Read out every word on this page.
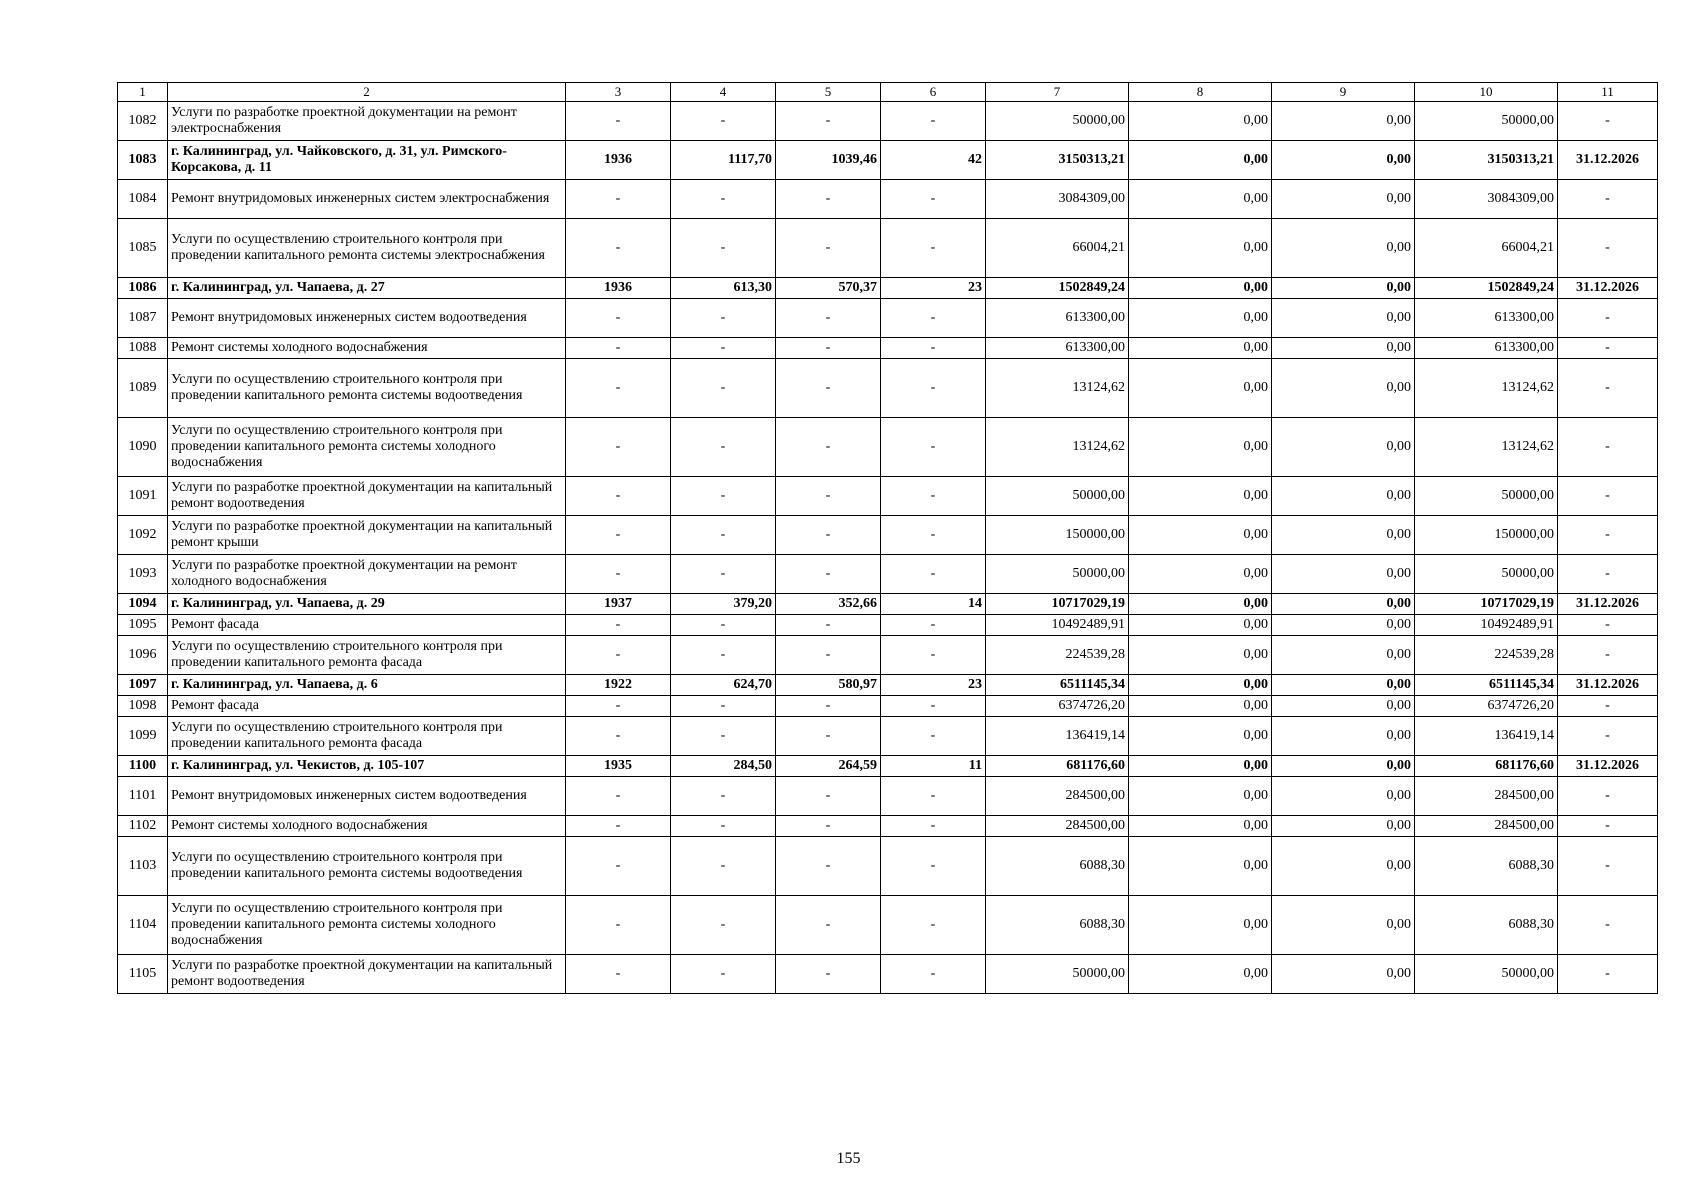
1	2	3	4	5	6	7	8	9	10	11
1082	Услуги по разработке проектной документации на ремонт электроснабжения	-	-	-	-	50000,00	0,00	0,00	50000,00	-
1083	г. Калининград, ул. Чайковского, д. 31, ул. Римского-Корсакова, д. 11	1936	1117,70	1039,46	42	3150313,21	0,00	0,00	3150313,21	31.12.2026
1084	Ремонт внутридомовых инженерных систем электроснабжения	-	-	-	-	3084309,00	0,00	0,00	3084309,00	-
1085	Услуги по осуществлению строительного контроля при проведении капитального ремонта системы электроснабжения	-	-	-	-	66004,21	0,00	0,00	66004,21	-
1086	г. Калининград, ул. Чапаева, д. 27	1936	613,30	570,37	23	1502849,24	0,00	0,00	1502849,24	31.12.2026
1087	Ремонт внутридомовых инженерных систем водоотведения	-	-	-	-	613300,00	0,00	0,00	613300,00	-
1088	Ремонт системы холодного водоснабжения	-	-	-	-	613300,00	0,00	0,00	613300,00	-
1089	Услуги по осуществлению строительного контроля при проведении капитального ремонта системы водоотведения	-	-	-	-	13124,62	0,00	0,00	13124,62	-
1090	Услуги по осуществлению строительного контроля при проведении капитального ремонта системы холодного водоснабжения	-	-	-	-	13124,62	0,00	0,00	13124,62	-
1091	Услуги по разработке проектной документации на капитальный ремонт водоотведения	-	-	-	-	50000,00	0,00	0,00	50000,00	-
1092	Услуги по разработке проектной документации на капитальный ремонт крыши	-	-	-	-	150000,00	0,00	0,00	150000,00	-
1093	Услуги по разработке проектной документации на ремонт холодного водоснабжения	-	-	-	-	50000,00	0,00	0,00	50000,00	-
1094	г. Калининград, ул. Чапаева, д. 29	1937	379,20	352,66	14	10717029,19	0,00	0,00	10717029,19	31.12.2026
1095	Ремонт фасада	-	-	-	-	10492489,91	0,00	0,00	10492489,91	-
1096	Услуги по осуществлению строительного контроля при проведении капитального ремонта фасада	-	-	-	-	224539,28	0,00	0,00	224539,28	-
1097	г. Калининград, ул. Чапаева, д. 6	1922	624,70	580,97	23	6511145,34	0,00	0,00	6511145,34	31.12.2026
1098	Ремонт фасада	-	-	-	-	6374726,20	0,00	0,00	6374726,20	-
1099	Услуги по осуществлению строительного контроля при проведении капитального ремонта фасада	-	-	-	-	136419,14	0,00	0,00	136419,14	-
1100	г. Калининград, ул. Чекистов, д. 105-107	1935	284,50	264,59	11	681176,60	0,00	0,00	681176,60	31.12.2026
1101	Ремонт внутридомовых инженерных систем водоотведения	-	-	-	-	284500,00	0,00	0,00	284500,00	-
1102	Ремонт системы холодного водоснабжения	-	-	-	-	284500,00	0,00	0,00	284500,00	-
1103	Услуги по осуществлению строительного контроля при проведении капитального ремонта системы водоотведения	-	-	-	-	6088,30	0,00	0,00	6088,30	-
1104	Услуги по осуществлению строительного контроля при проведении капитального ремонта системы холодного водоснабжения	-	-	-	-	6088,30	0,00	0,00	6088,30	-
1105	Услуги по разработке проектной документации на капитальный ремонт водоотведения	-	-	-	-	50000,00	0,00	0,00	50000,00	-
155
